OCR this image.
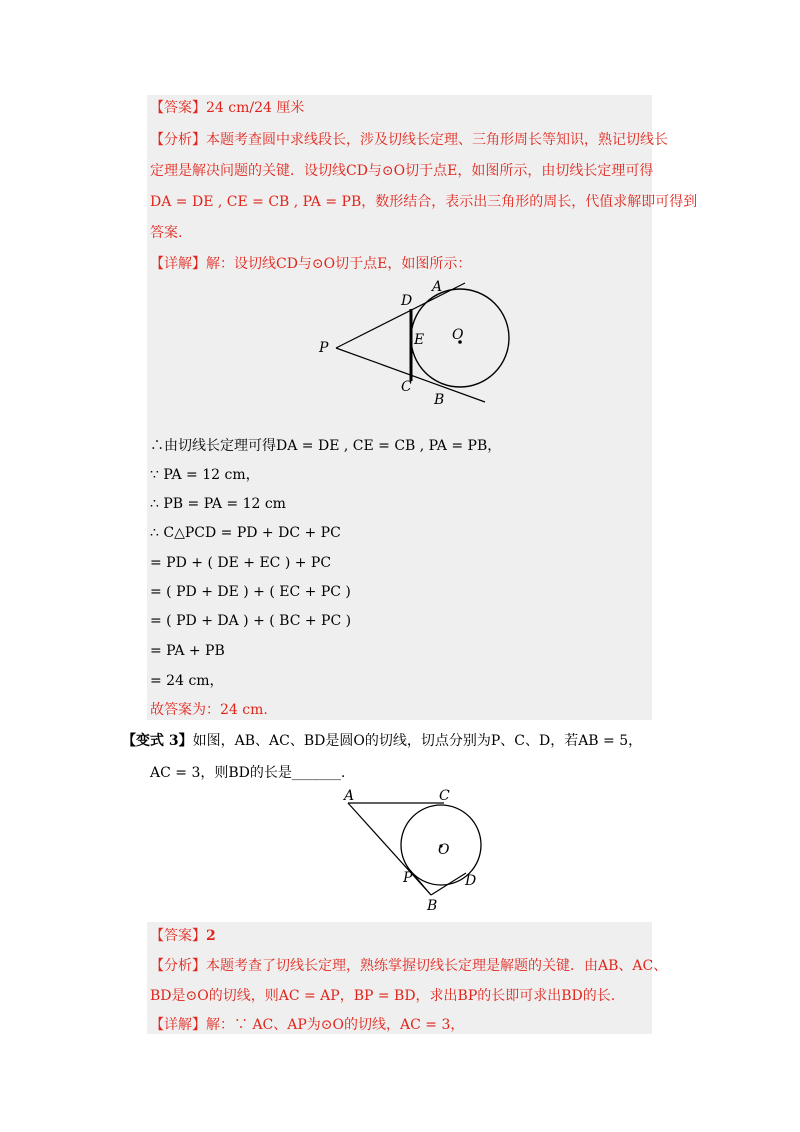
【答案】24 cm/24 厘米
【分析】本题考查圆中求线段长，涉及切线长定理、三角形周长等知识，熟记切线长
定理是解决问题的关键．设切线CD与⊙O切于点E，如图所示，由切线长定理可得
DA = DE , CE = CB , PA = PB，数形结合，表示出三角形的周长，代值求解即可得到
答案.
【详解】解：设切线CD与⊙O切于点E，如图所示：
A
D
O
E
P
C
B
∴由切线长定理可得DA = DE , CE = CB , PA = PB，
∵ PA = 12 cm，
∴ PB = PA = 12 cm
∴ C△PCD = PD + DC + PC
= PD + ( DE + EC ) + PC
= ( PD + DE ) + ( EC + PC )
= ( PD + DA ) + ( BC + PC )
= PA + PB
= 24 cm，
故答案为：24 cm.
【变式 3】如图，AB、AC、BD是圆O的切线，切点分别为P、C、D，若AB = 5，
AC = 3，则BD的长是_______.
A	C
O
P	D
B
【答案】2
【分析】本题考查了切线长定理，熟练掌握切线长定理是解题的关键．由AB、AC、
BD是⊙O的切线，则AC = AP，BP = BD，求出BP的长即可求出BD的长.
【详解】解：∵ AC、AP为⊙O的切线，AC = 3，
